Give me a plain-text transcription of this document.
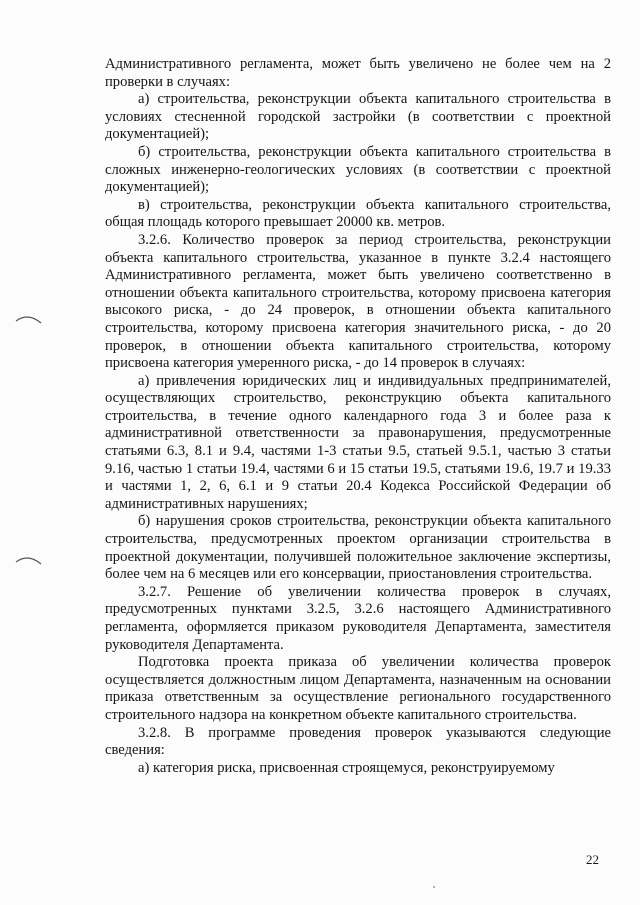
Административного регламента, может быть увеличено не более чем на 2 проверки в случаях:

а) строительства, реконструкции объекта капитального строительства в условиях стесненной городской застройки (в соответствии с проектной документацией);

б) строительства, реконструкции объекта капитального строительства в сложных инженерно-геологических условиях (в соответствии с проектной документацией);

в) строительства, реконструкции объекта капитального строительства, общая площадь которого превышает 20000 кв. метров.

3.2.6. Количество проверок за период строительства, реконструкции объекта капитального строительства, указанное в пункте 3.2.4 настоящего Административного регламента, может быть увеличено соответственно в отношении объекта капитального строительства, которому присвоена категория высокого риска, - до 24 проверок, в отношении объекта капитального строительства, которому присвоена категория значительного риска, - до 20 проверок, в отношении объекта капитального строительства, которому присвоена категория умеренного риска, - до 14 проверок в случаях:

а) привлечения юридических лиц и индивидуальных предпринимателей, осуществляющих строительство, реконструкцию объекта капитального строительства, в течение одного календарного года 3 и более раза к административной ответственности за правонарушения, предусмотренные статьями 6.3, 8.1 и 9.4, частями 1-3 статьи 9.5, статьей 9.5.1, частью 3 статьи 9.16, частью 1 статьи 19.4, частями 6 и 15 статьи 19.5, статьями 19.6, 19.7 и 19.33 и частями 1, 2, 6, 6.1 и 9 статьи 20.4 Кодекса Российской Федерации об административных нарушениях;

б) нарушения сроков строительства, реконструкции объекта капитального строительства, предусмотренных проектом организации строительства в проектной документации, получившей положительное заключение экспертизы, более чем на 6 месяцев или его консервации, приостановления строительства.

3.2.7. Решение об увеличении количества проверок в случаях, предусмотренных пунктами 3.2.5, 3.2.6 настоящего Административного регламента, оформляется приказом руководителя Департамента, заместителя руководителя Департамента.

Подготовка проекта приказа об увеличении количества проверок осуществляется должностным лицом Департамента, назначенным на основании приказа ответственным за осуществление регионального государственного строительного надзора на конкретном объекте капитального строительства.

3.2.8. В программе проведения проверок указываются следующие сведения:

а) категория риска, присвоенная строящемуся, реконструируемому

22
